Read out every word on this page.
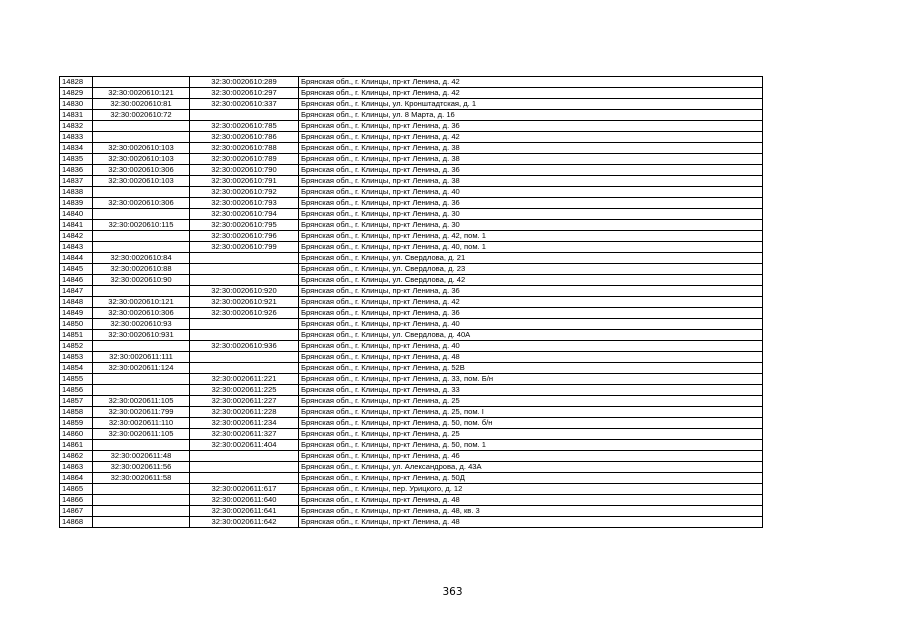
14828		32:30:0020610:289	Брянская обл., г. Клинцы, пр-кт Ленина, д. 42
14829	32:30:0020610:121	32:30:0020610:297	Брянская обл., г. Клинцы, пр-кт Ленина, д. 42
14830	32:30:0020610:81	32:30:0020610:337	Брянская обл., г. Клинцы, ул. Кронштадтская, д. 1
14831	32:30:0020610:72		Брянская обл., г. Клинцы, ул. 8 Марта, д. 16
14832		32:30:0020610:785	Брянская обл., г. Клинцы, пр-кт Ленина, д. 36
14833		32:30:0020610:786	Брянская обл., г. Клинцы, пр-кт Ленина, д. 42
14834	32:30:0020610:103	32:30:0020610:788	Брянская обл., г. Клинцы, пр-кт Ленина, д. 38
14835	32:30:0020610:103	32:30:0020610:789	Брянская обл., г. Клинцы, пр-кт Ленина, д. 38
14836	32:30:0020610:306	32:30:0020610:790	Брянская обл., г. Клинцы, пр-кт Ленина, д. 36
14837	32:30:0020610:103	32:30:0020610:791	Брянская обл., г. Клинцы, пр-кт Ленина, д. 38
14838		32:30:0020610:792	Брянская обл., г. Клинцы, пр-кт Ленина, д. 40
14839	32:30:0020610:306	32:30:0020610:793	Брянская обл., г. Клинцы, пр-кт Ленина, д. 36
14840		32:30:0020610:794	Брянская обл., г. Клинцы, пр-кт Ленина, д. 30
14841	32:30:0020610:115	32:30:0020610:795	Брянская обл., г. Клинцы, пр-кт Ленина, д. 30
14842		32:30:0020610:796	Брянская обл., г. Клинцы, пр-кт Ленина, д. 42, пом. 1
14843		32:30:0020610:799	Брянская обл., г. Клинцы, пр-кт Ленина, д. 40, пом. 1
14844	32:30:0020610:84		Брянская обл., г. Клинцы, ул. Свердлова, д. 21
14845	32:30:0020610:88		Брянская обл., г. Клинцы, ул. Свердлова, д. 23
14846	32:30:0020610:90		Брянская обл., г. Клинцы, ул. Свердлова, д. 42
14847		32:30:0020610:920	Брянская обл., г. Клинцы, пр-кт Ленина, д. 36
14848	32:30:0020610:121	32:30:0020610:921	Брянская обл., г. Клинцы, пр-кт Ленина, д. 42
14849	32:30:0020610:306	32:30:0020610:926	Брянская обл., г. Клинцы, пр-кт Ленина, д. 36
14850	32:30:0020610:93		Брянская обл., г. Клинцы, пр-кт Ленина, д. 40
14851	32:30:0020610:931		Брянская обл., г. Клинцы, ул. Свердлова, д. 40А
14852		32:30:0020610:936	Брянская обл., г. Клинцы, пр-кт Ленина, д. 40
14853	32:30:0020611:111		Брянская обл., г. Клинцы, пр-кт Ленина, д. 48
14854	32:30:0020611:124		Брянская обл., г. Клинцы, пр-кт Ленина, д. 52В
14855		32:30:0020611:221	Брянская обл., г. Клинцы, пр-кт Ленина, д. 33, пом. Б/н
14856		32:30:0020611:225	Брянская обл., г. Клинцы, пр-кт Ленина, д. 33
14857	32:30:0020611:105	32:30:0020611:227	Брянская обл., г. Клинцы, пр-кт Ленина, д. 25
14858	32:30:0020611:799	32:30:0020611:228	Брянская обл., г. Клинцы, пр-кт Ленина, д. 25, пом. I
14859	32:30:0020611:110	32:30:0020611:234	Брянская обл., г. Клинцы, пр-кт Ленина, д. 50, пом. б/н
14860	32:30:0020611:105	32:30:0020611:327	Брянская обл., г. Клинцы, пр-кт Ленина, д. 25
14861		32:30:0020611:404	Брянская обл., г. Клинцы, пр-кт Ленина, д. 50, пом. 1
14862	32:30:0020611:48		Брянская обл., г. Клинцы, пр-кт Ленина, д. 46
14863	32:30:0020611:56		Брянская обл., г. Клинцы, ул. Александрова, д. 43А
14864	32:30:0020611:58		Брянская обл., г. Клинцы, пр-кт Ленина, д. 50Д
14865		32:30:0020611:617	Брянская обл., г. Клинцы, пер. Урицкого, д. 12
14866		32:30:0020611:640	Брянская обл., г. Клинцы, пр-кт Ленина, д. 48
14867		32:30:0020611:641	Брянская обл., г. Клинцы, пр-кт Ленина, д. 48, кв. 3
14868		32:30:0020611:642	Брянская обл., г. Клинцы, пр-кт Ленина, д. 48
363
